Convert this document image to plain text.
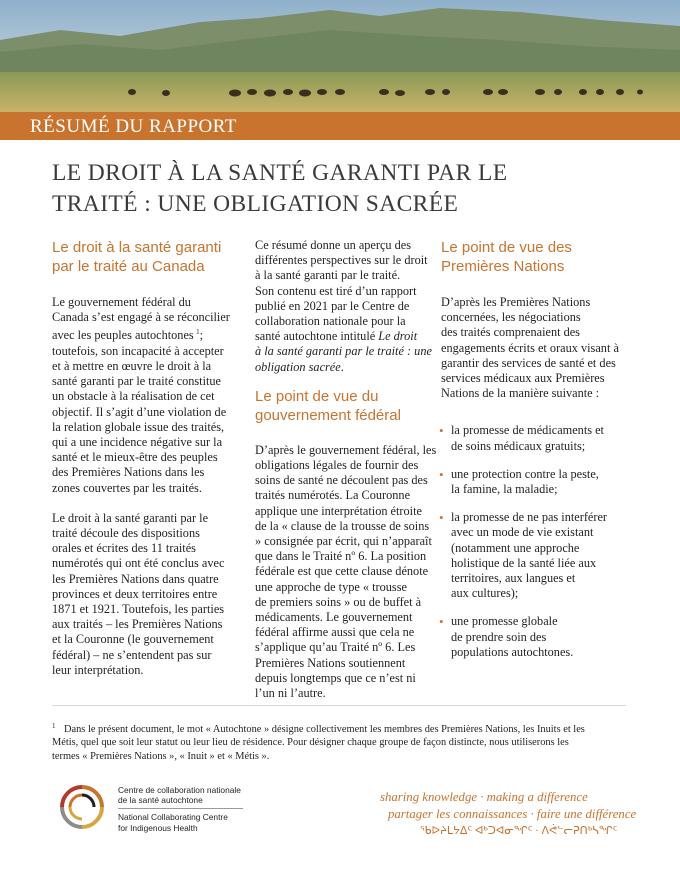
RÉSUMÉ DU RAPPORT
LE DROIT À LA SANTÉ GARANTI PAR LE
TRAITÉ : UNE OBLIGATION SACRÉE
Le droit à la santé garanti
par le traité au Canada

Le gouvernement fédéral du
Canada s’est engagé à se réconcilier
avec les peuples autochtones  $^1$;
toutefois, son incapacité à accepter
et à mettre en œuvre le droit à la
santé garanti par le traité constitue
un obstacle à la réalisation de cet
objectif. Il s’agit d’une violation de
la relation globale issue des traités,
qui a une incidence négative sur la
santé et le mieux-être des peuples
des Premières Nations dans les
zones couvertes par les traités.

Le droit à la santé garanti par le
traité découle des dispositions
orales et écrites des 11 traités
numérotés qui ont été conclus avec
les Premières Nations dans quatre
provinces et deux territoires entre
1871 et 1921. Toutefois, les parties
aux traités – les Premières Nations
et la Couronne (le gouvernement
fédéral) – ne s’entendent pas sur
leur interprétation.

Ce résumé donne un aperçu des
différentes perspectives sur le droit
à la santé garanti par le traité.
Son contenu est tiré d’un rapport
publié en 2021 par le Centre de
collaboration nationale pour la
santé autochtone intitulé Le droit
à la santé garanti par le traité : une
obligation sacrée.

Le point de vue du
gouvernement fédéral

D’après le gouvernement fédéral, les
obligations légales de fournir des
soins de santé ne découlent pas des
traités numérotés. La Couronne
applique une interprétation étroite
de la « clause de la trousse de soins
» consignée par écrit, qui n’apparaît
que dans le Traité nº 6. La position
fédérale est que cette clause dénote
une approche de type « trousse
de premiers soins » ou de buffet à
médicaments. Le gouvernement
fédéral affirme aussi que cela ne
s’applique qu’au Traité nº 6. Les
Premières Nations soutiennent
depuis longtemps que ce n’est ni
l’un ni l’autre.

Le point de vue des
Premières Nations

D’après les Premières Nations
concernées, les négociations
des traités comprenaient des
engagements écrits et oraux visant à
garantir des services de santé et des
services médicaux aux Premières
Nations de la manière suivante :

• la promesse de médicaments et
de soins médicaux gratuits;
• une protection contre la peste,
la famine, la maladie;
• la promesse de ne pas interférer
avec un mode de vie existant
(notamment une approche
holistique de la santé liée aux
territoires, aux langues et
aux cultures);
• une promesse globale
de prendre soin des
populations autochtones.
1 Dans le présent document, le mot « Autochtone » désigne collectivement les membres des Premières Nations, les Inuits et les
Métis, quel que soit leur statut ou leur lieu de résidence. Pour désigner chaque groupe de façon distincte, nous utiliserons les
termes « Premières Nations », « Inuit » et « Métis ».
Centre de collaboration nationale
de la santé autochtone
National Collaborating Centre
for Indigenous Health
sharing knowledge · making a difference
partager les connaissances · faire une différence
ᖃᐅᔨᒪᔭᐃᑦ ᐊᒃᑐᐊᓂᖏᑦ · ᐱᕚᓪᓕᕈᑎᒃᓴᖏᑦ
